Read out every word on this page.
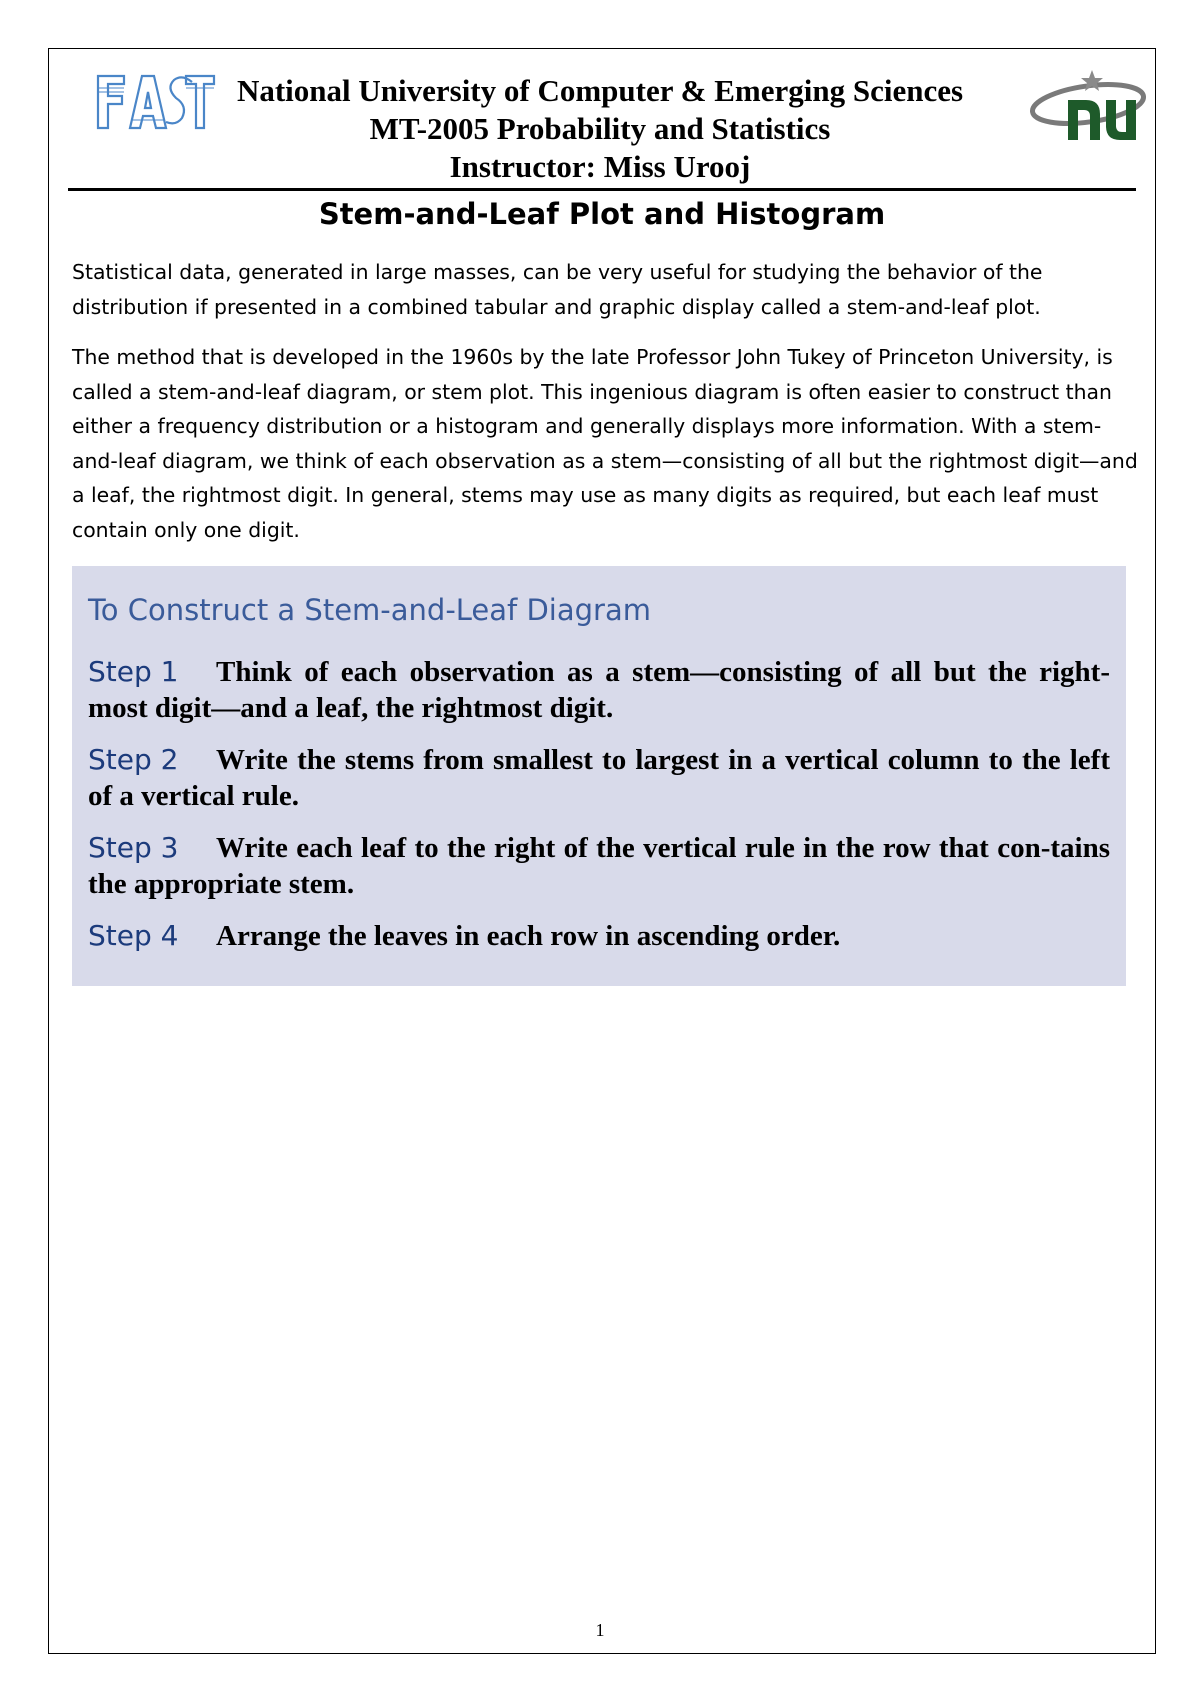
National University of Computer & Emerging Sciences
MT-2005 Probability and Statistics
Instructor: Miss Urooj
Stem-and-Leaf Plot and Histogram

Statistical data, generated in large masses, can be very useful for studying the behavior of the distribution if presented in a combined tabular and graphic display called a stem-and-leaf plot.

The method that is developed in the 1960s by the late Professor John Tukey of Princeton University, is called a stem-and-leaf diagram, or stem plot. This ingenious diagram is often easier to construct than either a frequency distribution or a histogram and generally displays more information. With a stem-and-leaf diagram, we think of each observation as a stem—consisting of all but the rightmost digit—and a leaf, the rightmost digit. In general, stems may use as many digits as required, but each leaf must contain only one digit.

To Construct a Stem-and-Leaf Diagram
Step 1 Think of each observation as a stem—consisting of all but the right-most digit—and a leaf, the rightmost digit.
Step 2 Write the stems from smallest to largest in a vertical column to the left of a vertical rule.
Step 3 Write each leaf to the right of the vertical rule in the row that con-tains the appropriate stem.
Step 4 Arrange the leaves in each row in ascending order.
1
